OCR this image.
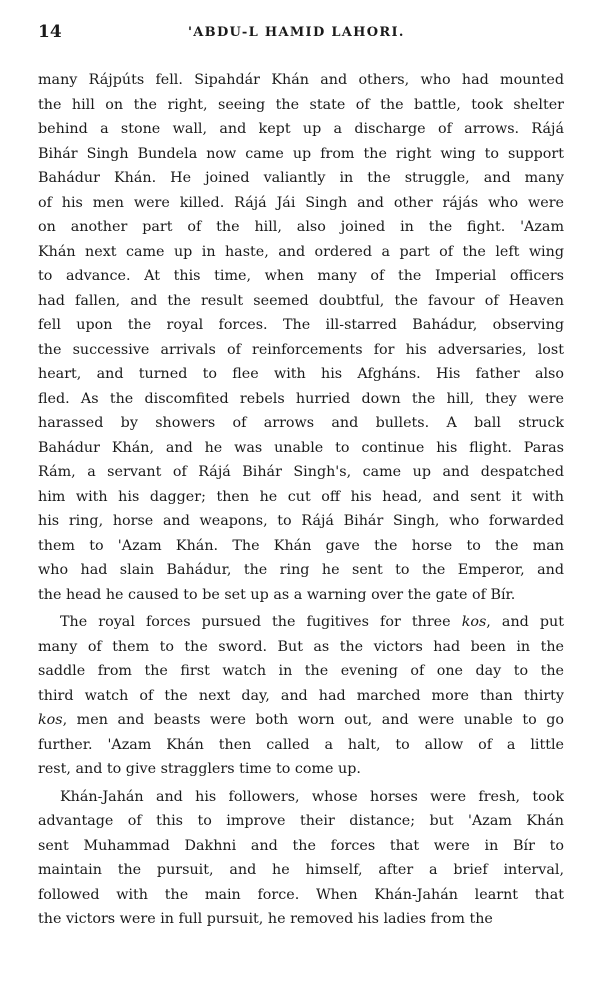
14	'ABDU-L HAMID LAHORI.
many Rájpúts fell. Sipahdár Khán and others, who had mounted
the hill on the right, seeing the state of the battle, took shelter
behind a stone wall, and kept up a discharge of arrows. Rájá
Bihár Singh Bundela now came up from the right wing to support
Bahádur Khán. He joined valiantly in the struggle, and many
of his men were killed. Rájá Jái Singh and other rájás who were
on another part of the hill, also joined in the fight. 'Azam
Khán next came up in haste, and ordered a part of the left wing
to advance. At this time, when many of the Imperial officers
had fallen, and the result seemed doubtful, the favour of Heaven
fell upon the royal forces. The ill-starred Bahádur, observing
the successive arrivals of reinforcements for his adversaries, lost
heart, and turned to flee with his Afgháns. His father also
fled. As the discomfited rebels hurried down the hill, they were
harassed by showers of arrows and bullets. A ball struck
Bahádur Khán, and he was unable to continue his flight. Paras
Rám, a servant of Rájá Bihár Singh's, came up and despatched
him with his dagger; then he cut off his head, and sent it with
his ring, horse and weapons, to Rájá Bihár Singh, who forwarded
them to 'Azam Khán. The Khán gave the horse to the man
who had slain Bahádur, the ring he sent to the Emperor, and
the head he caused to be set up as a warning over the gate of Bír.
The royal forces pursued the fugitives for three kos, and put
many of them to the sword. But as the victors had been in the
saddle from the first watch in the evening of one day to the
third watch of the next day, and had marched more than thirty
kos, men and beasts were both worn out, and were unable to go
further. 'Azam Khán then called a halt, to allow of a little
rest, and to give stragglers time to come up.
Khán-Jahán and his followers, whose horses were fresh, took
advantage of this to improve their distance; but 'Azam Khán
sent Muhammad Dakhni and the forces that were in Bír to
maintain the pursuit, and he himself, after a brief interval,
followed with the main force. When Khán-Jahán learnt that
the victors were in full pursuit, he removed his ladies from the
